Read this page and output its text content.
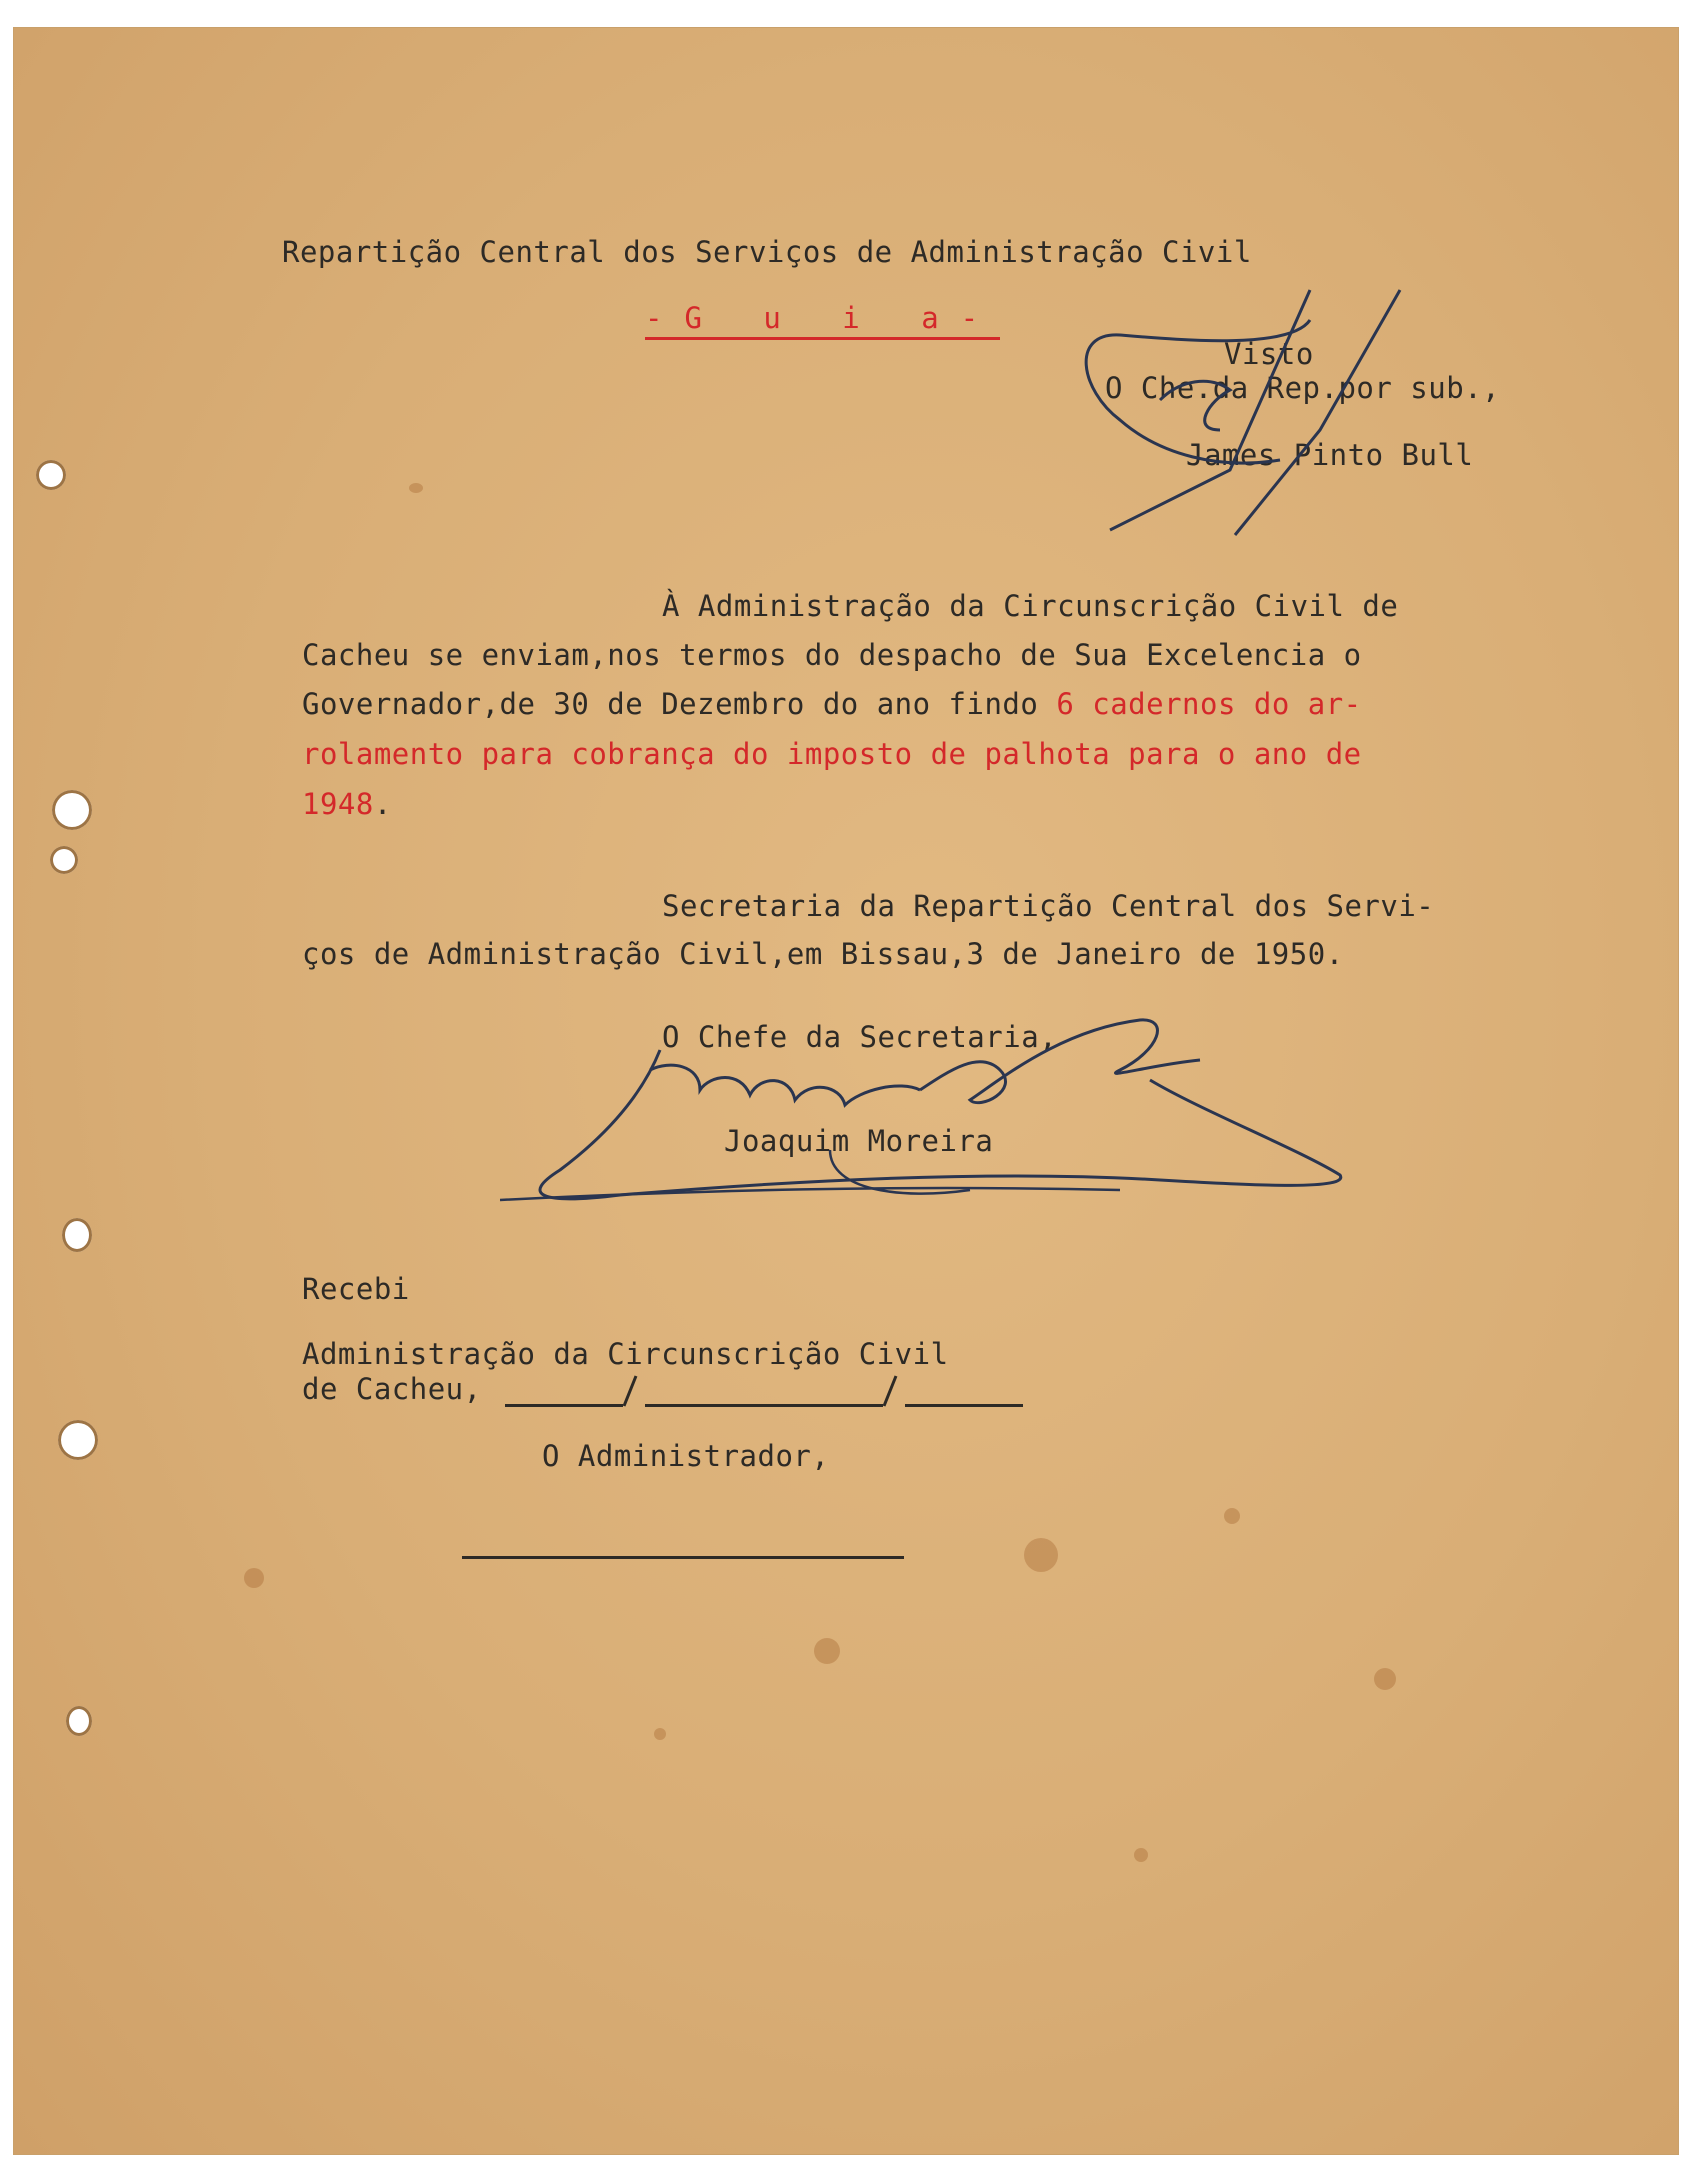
Repartição Central dos Serviços de Administração Civil

-G u i a-

Visto

O Che.da Rep.por sub.,

James Pinto Bull

À Administração da Circunscrição Civil de

Cacheu se enviam,nos termos do despacho de Sua Excelencia o

Governador,de 30 de Dezembro do ano findo 6 cadernos do ar-

rolamento para cobrança do imposto de palhota para o ano de

1948.

Secretaria da Repartição Central dos Servi-

ços de Administração Civil,em Bissau,3 de Janeiro de 1950.

O Chefe da Secretaria,

Joaquim Moreira

Recebi

Administração da Circunscrição Civil

de Cacheu,

O Administrador,
